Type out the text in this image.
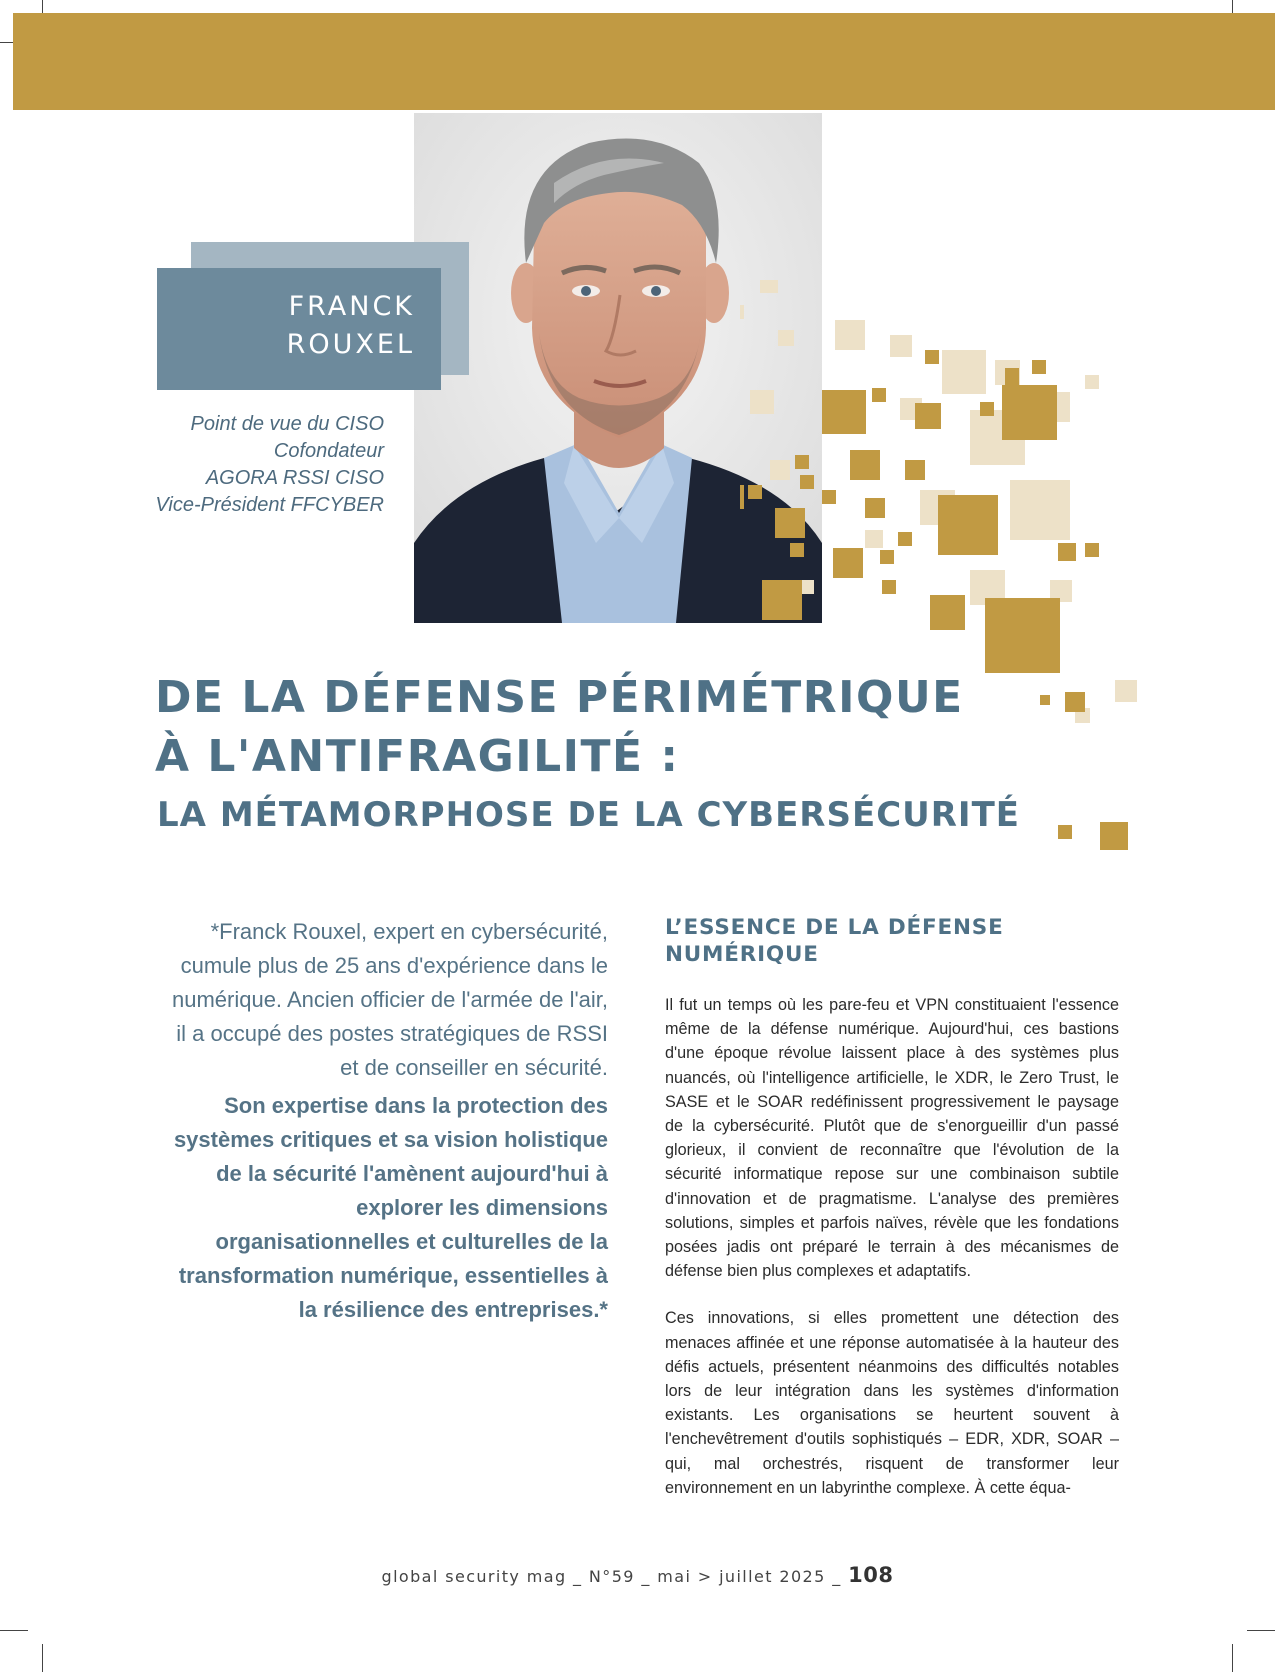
FRANCK
ROUXEL
Point de vue du CISO
Cofondateur
AGORA RSSI CISO
Vice-Président FFCYBER
DE LA DÉFENSE PÉRIMÉTRIQUE
À L'ANTIFRAGILITÉ :
LA MÉTAMORPHOSE DE LA CYBERSÉCURITÉ

*Franck Rouxel, expert en cybersécurité, cumule plus de 25 ans d'expérience dans le numérique. Ancien officier de l'armée de l'air, il a occupé des postes stratégiques de RSSI et de conseiller en sécurité.

Son expertise dans la protection des systèmes critiques et sa vision holistique de la sécurité l'amènent aujourd'hui à explorer les dimensions organisationnelles et culturelles de la transformation numérique, essentielles à la résilience des entreprises.*

L’ESSENCE DE LA DÉFENSE
NUMÉRIQUE

Il fut un temps où les pare-feu et VPN constituaient l'essence même de la défense numérique. Aujourd'hui, ces bastions d'une époque révolue laissent place à des systèmes plus nuancés, où l'intelligence artificielle, le XDR, le Zero Trust, le SASE et le SOAR redéfinissent progressivement le paysage de la cybersécurité. Plutôt que de s'enorgueillir d'un passé glorieux, il convient de reconnaître que l'évolution de la sécurité informatique repose sur une combinaison subtile d'innovation et de pragmatisme. L'analyse des premières solutions, simples et parfois naïves, révèle que les fondations posées jadis ont préparé le terrain à des mécanismes de défense bien plus complexes et adaptatifs.

Ces innovations, si elles promettent une détection des menaces affinée et une réponse automatisée à la hauteur des défis actuels, présentent néanmoins des difficultés notables lors de leur intégration dans les systèmes d'information existants. Les organisations se heurtent souvent à l'enchevêtrement d'outils sophistiqués – EDR, XDR, SOAR – qui, mal orchestrés, risquent de transformer leur environnement en un labyrinthe complexe. À cette équa-

global security mag _ N°59 _ mai > juillet 2025 _ 108
